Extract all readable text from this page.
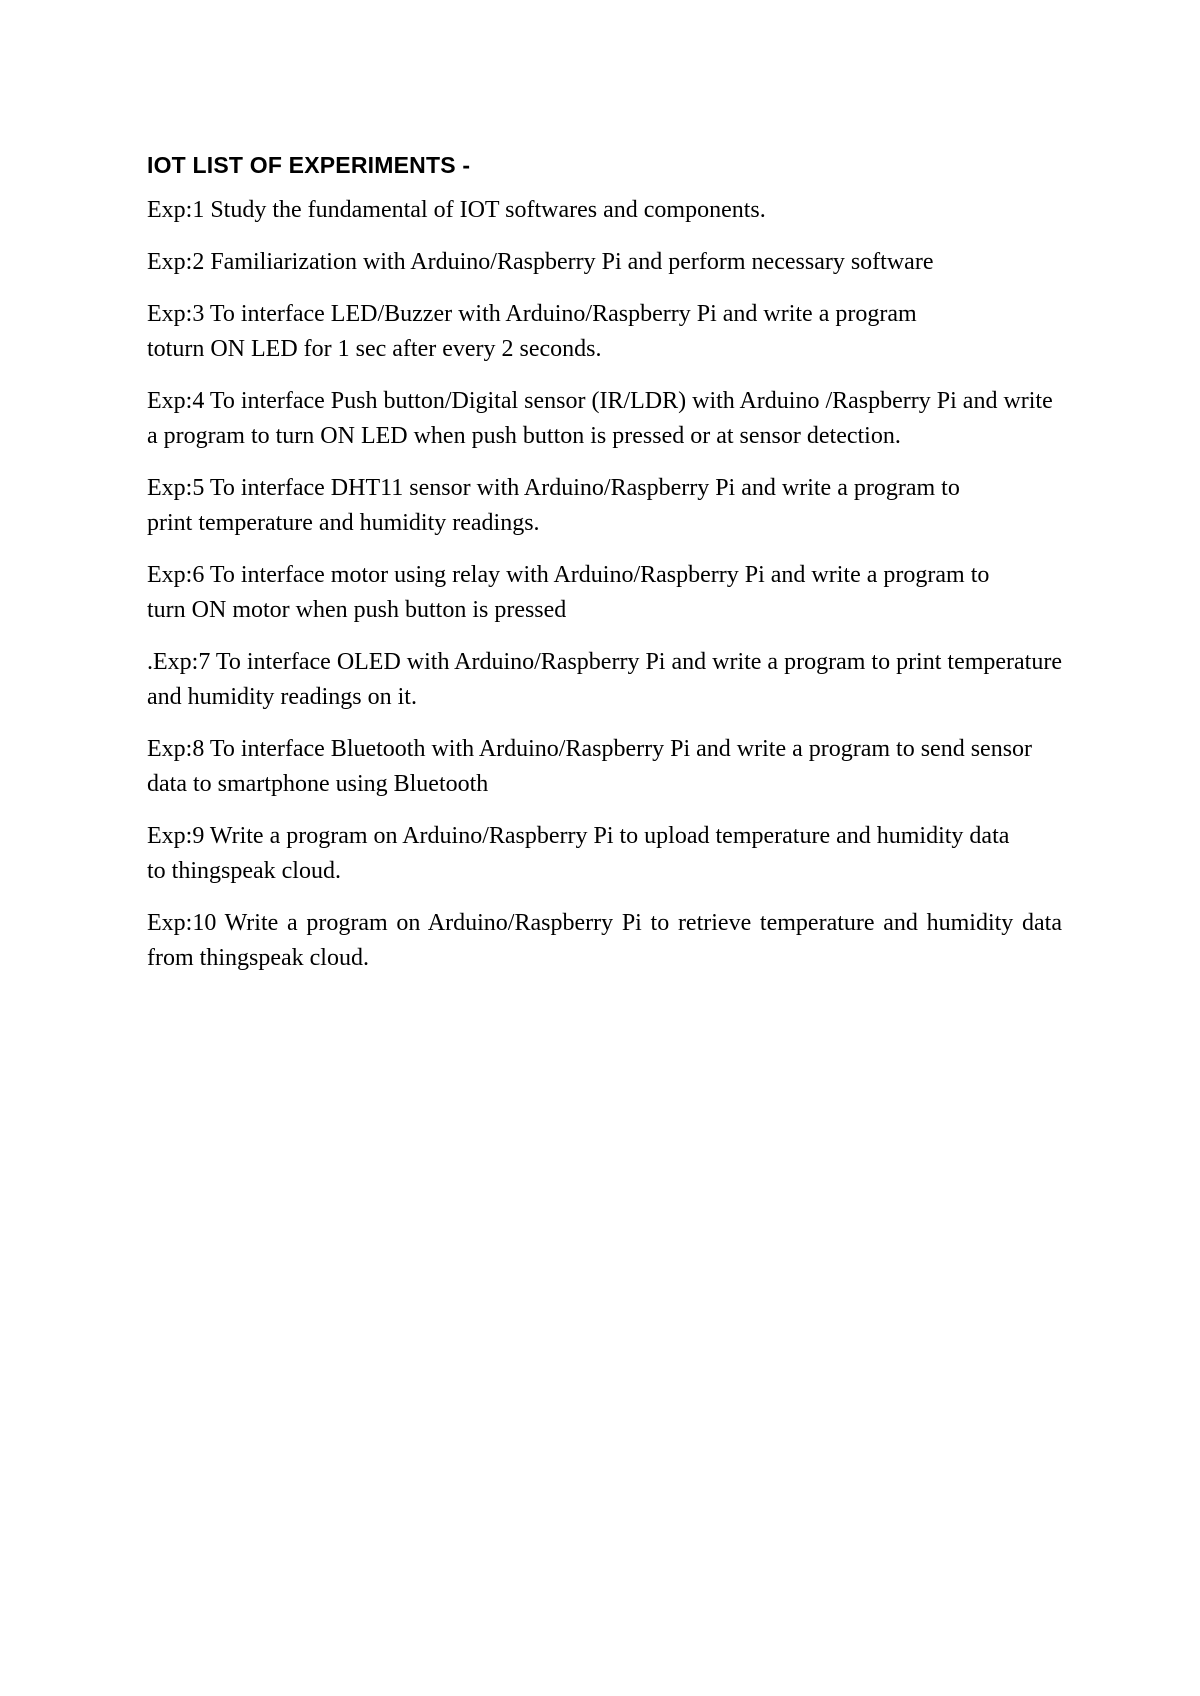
IOT LIST OF EXPERIMENTS -
Exp:1 Study the fundamental of IOT softwares and components.
Exp:2 Familiarization with Arduino/Raspberry Pi and perform necessary software
Exp:3 To interface LED/Buzzer with Arduino/Raspberry Pi and write a program toturn ON LED for 1 sec after every 2 seconds.
Exp:4 To interface Push button/Digital sensor (IR/LDR) with Arduino /Raspberry Pi and write a program to turn ON LED when push button is pressed or at sensor detection.
Exp:5 To interface DHT11 sensor with Arduino/Raspberry Pi and write a program to print temperature and humidity readings.
Exp:6 To interface motor using relay with Arduino/Raspberry Pi and write a program to turn ON motor when push button is pressed
.Exp:7 To interface OLED with Arduino/Raspberry Pi and write a program to print temperature and humidity readings on it.
Exp:8 To interface Bluetooth with Arduino/Raspberry Pi and write a program to send sensor data to smartphone using Bluetooth
Exp:9 Write a program on Arduino/Raspberry Pi to upload temperature and humidity data to thingspeak cloud.
Exp:10 Write a program on Arduino/Raspberry Pi to retrieve temperature and humidity data from thingspeak cloud.
